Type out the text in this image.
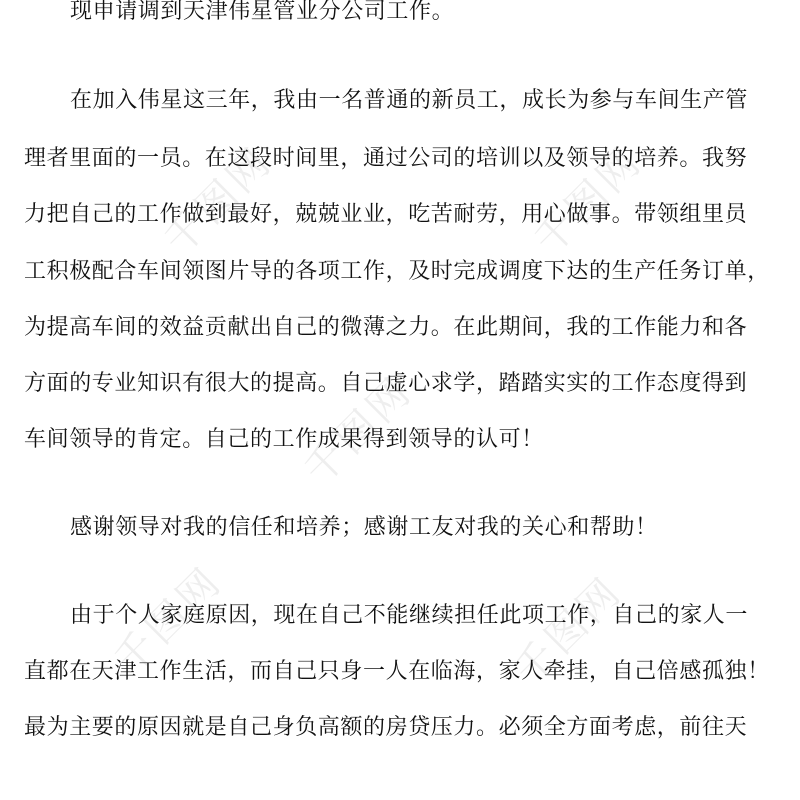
千图网	千图网
千图网
千图网	千图网

现申请调到天津伟星管业分公司工作。

在加入伟星这三年，我由一名普通的新员工，成长为参与车间生产管

理者里面的一员。在这段时间里，通过公司的培训以及领导的培养。我努

力把自己的工作做到最好，兢兢业业，吃苦耐劳，用心做事。带领组里员

工积极配合车间领图片导的各项工作，及时完成调度下达的生产任务订单，

为提高车间的效益贡献出自己的微薄之力。在此期间，我的工作能力和各

方面的专业知识有很大的提高。自己虚心求学，踏踏实实的工作态度得到

车间领导的肯定。自己的工作成果得到领导的认可！

感谢领导对我的信任和培养；感谢工友对我的关心和帮助！

由于个人家庭原因，现在自己不能继续担任此项工作，自己的家人一

直都在天津工作生活，而自己只身一人在临海，家人牵挂，自己倍感孤独！

最为主要的原因就是自己身负高额的房贷压力。必须全方面考虑，前往天
